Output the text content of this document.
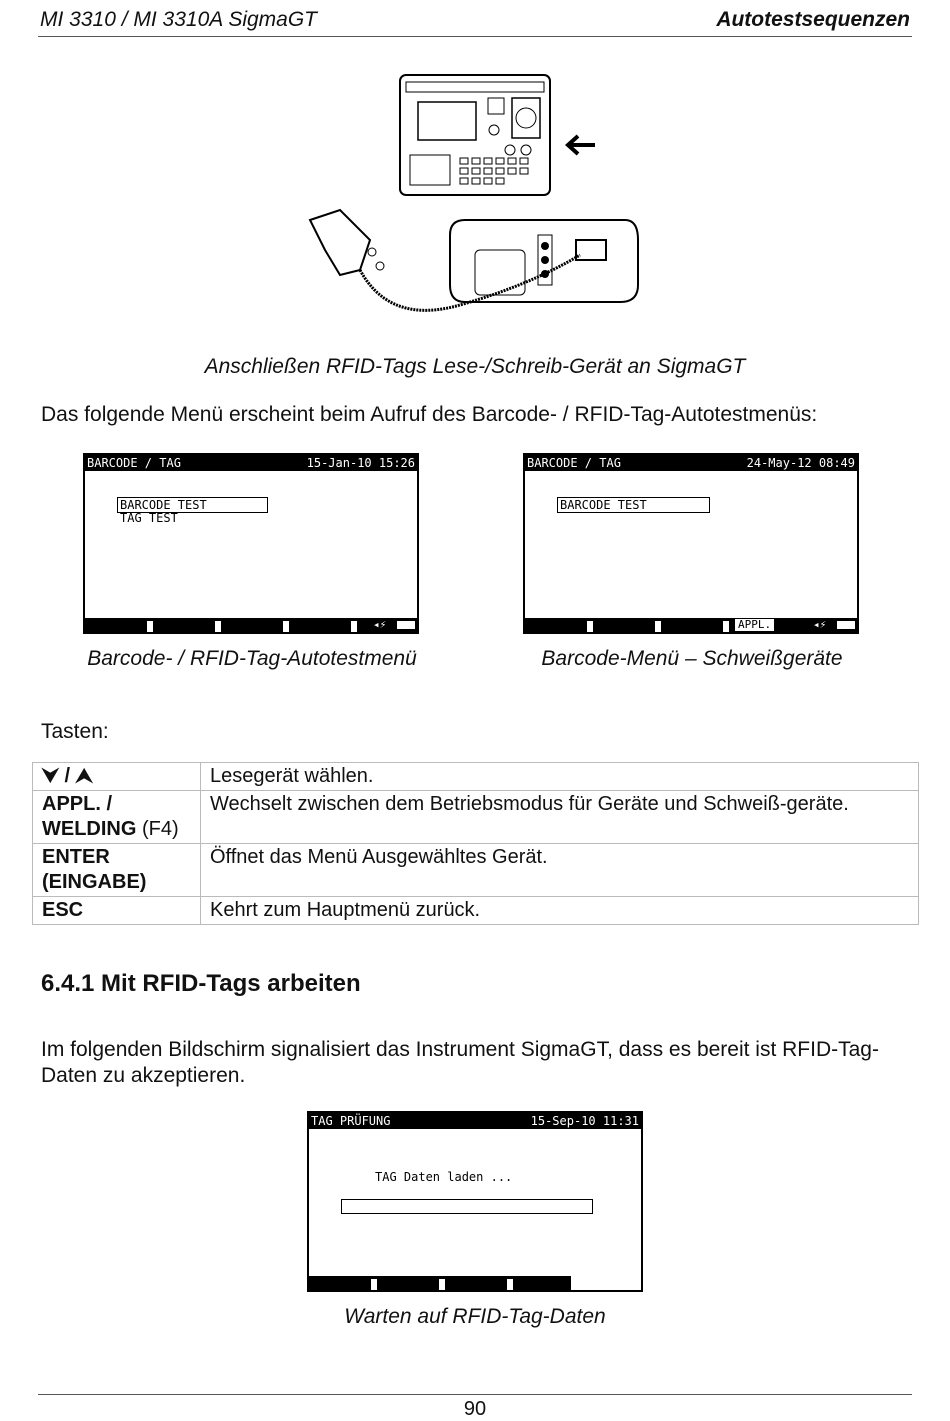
MI 3310 / MI 3310A SigmaGT	Autotestsequenzen
Anschließen RFID-Tags Lese-/Schreib-Gerät an SigmaGT
Das folgende Menü erscheint beim Aufruf des Barcode- / RFID-Tag-Autotestmenüs:
BARCODE / TAG	15-Jan-10 15:26
BARCODE TEST
TAG TEST
◂⚡
Barcode- / RFID-Tag-Autotestmenü
BARCODE / TAG	24-May-12 08:49
BARCODE TEST
APPL.	◂⚡
Barcode-Menü – Schweißgeräte
Tasten:
⮟ / ⮝	Lesegerät wählen.
APPL. / WELDING (F4)	Wechselt zwischen dem Betriebsmodus für Geräte und Schweiß-geräte.
ENTER (EINGABE)	Öffnet das Menü Ausgewähltes Gerät.
ESC	Kehrt zum Hauptmenü zurück.
6.4.1 Mit RFID-Tags arbeiten
Im folgenden Bildschirm signalisiert das Instrument SigmaGT, dass es bereit ist RFID-Tag-Daten zu akzeptieren.
TAG PRÜFUNG	15-Sep-10 11:31
TAG Daten laden ...
Warten auf RFID-Tag-Daten
90
